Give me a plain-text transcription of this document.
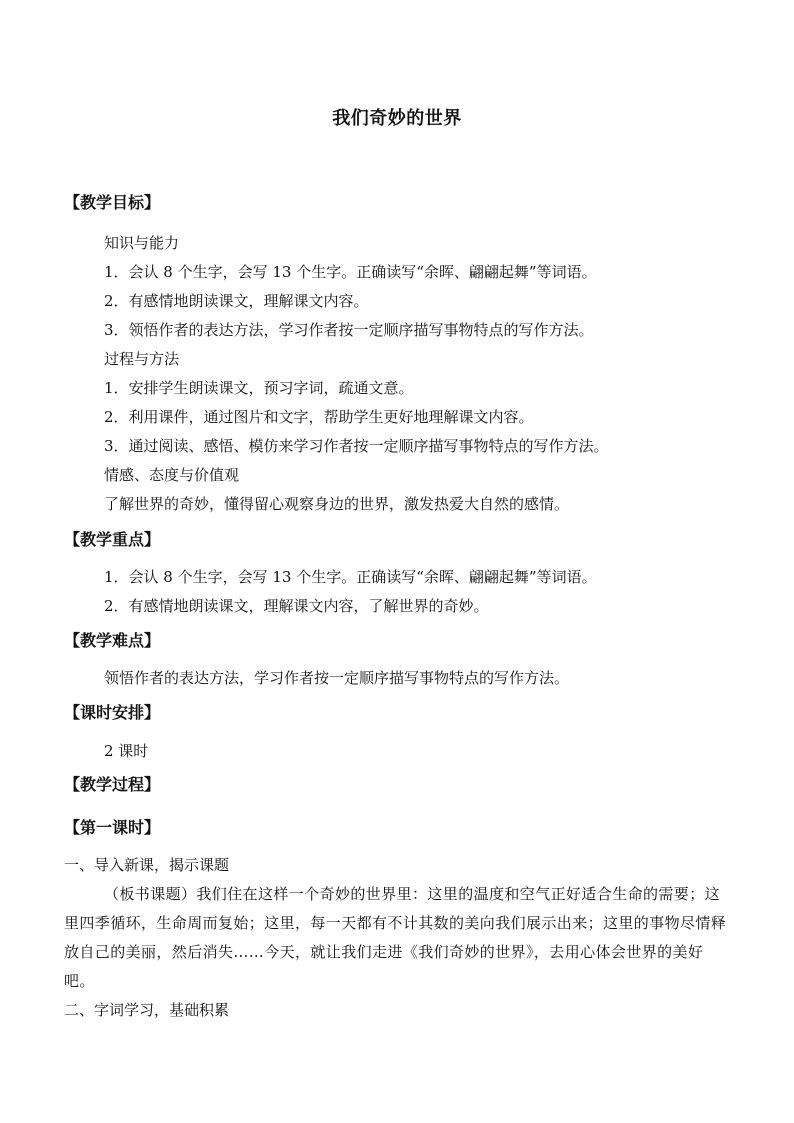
我们奇妙的世界
【教学目标】
知识与能力
1．会认 8 个生字，会写 13 个生字。正确读写“余晖、翩翩起舞”等词语。
2．有感情地朗读课文，理解课文内容。
3．领悟作者的表达方法，学习作者按一定顺序描写事物特点的写作方法。
过程与方法
1．安排学生朗读课文，预习字词，疏通文意。
2．利用课件，通过图片和文字，帮助学生更好地理解课文内容。
3．通过阅读、感悟、模仿来学习作者按一定顺序描写事物特点的写作方法。
情感、态度与价值观
了解世界的奇妙，懂得留心观察身边的世界，激发热爱大自然的感情。
【教学重点】
1．会认 8 个生字，会写 13 个生字。正确读写“余晖、翩翩起舞”等词语。
2．有感情地朗读课文，理解课文内容，了解世界的奇妙。
【教学难点】
领悟作者的表达方法，学习作者按一定顺序描写事物特点的写作方法。
【课时安排】
2 课时
【教学过程】
【第一课时】
一、导入新课，揭示课题
（板书课题）我们住在这样一个奇妙的世界里：这里的温度和空气正好适合生命的需要；这里四季循环，生命周而复始；这里，每一天都有不计其数的美向我们展示出来；这里的事物尽情释放自己的美丽，然后消失……今天，就让我们走进《我们奇妙的世界》，去用心体会世界的美好吧。
二、字词学习，基础积累
